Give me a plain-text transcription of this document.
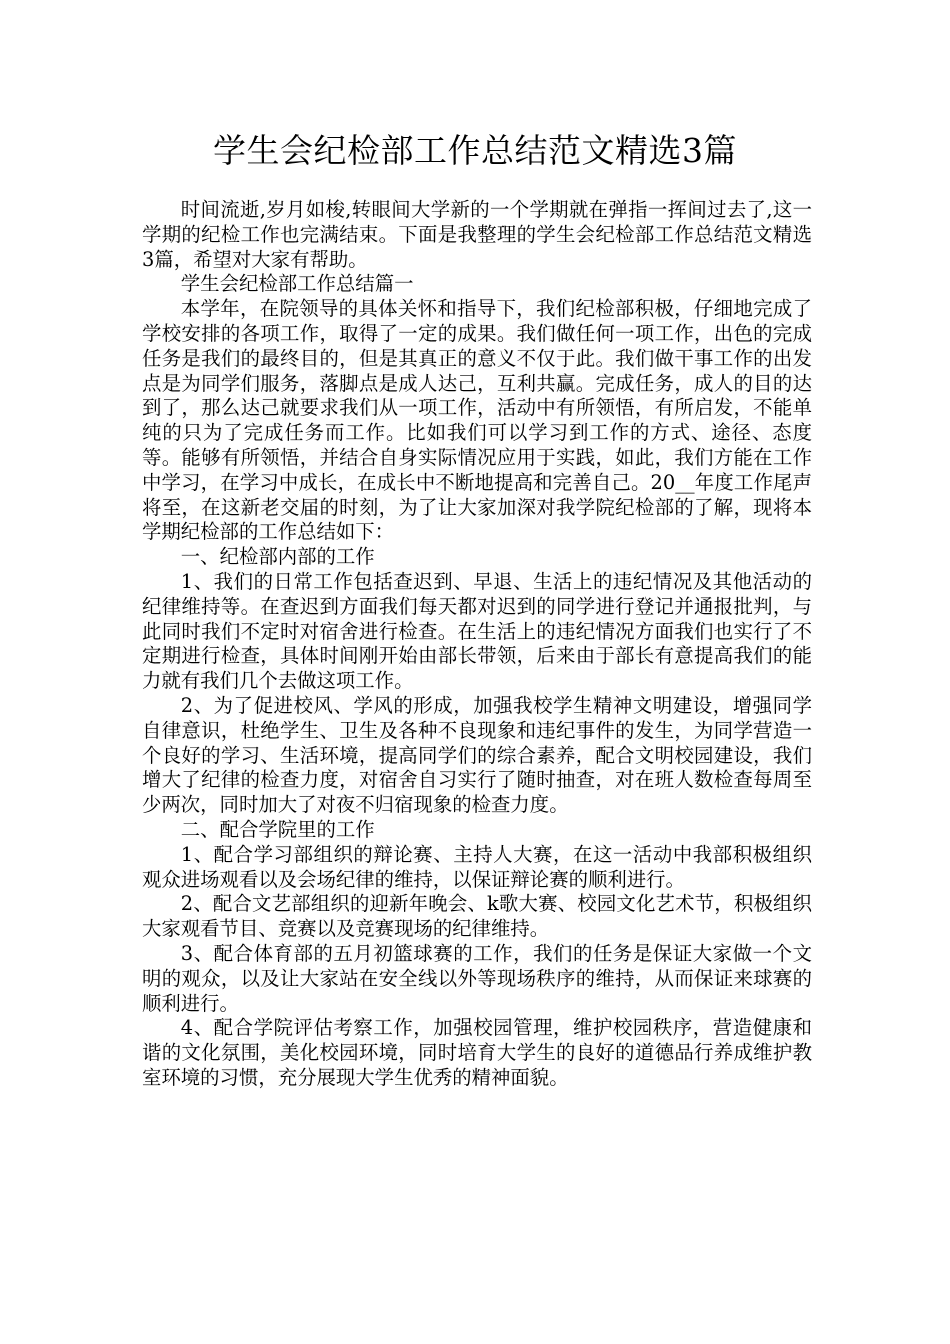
学生会纪检部工作总结范文精选3篇

时间流逝,岁月如梭,转眼间大学新的一个学期就在弹指一挥间过去了,这一学期的纪检工作也完满结束。下面是我整理的学生会纪检部工作总结范文精选3篇，希望对大家有帮助。

学生会纪检部工作总结篇一

本学年，在院领导的具体关怀和指导下，我们纪检部积极，仔细地完成了学校安排的各项工作，取得了一定的成果。我们做任何一项工作，出色的完成任务是我们的最终目的，但是其真正的意义不仅于此。我们做干事工作的出发点是为同学们服务，落脚点是成人达己，互利共赢。完成任务，成人的目的达到了，那么达己就要求我们从一项工作，活动中有所领悟，有所启发，不能单纯的只为了完成任务而工作。比如我们可以学习到工作的方式、途径、态度等。能够有所领悟，并结合自身实际情况应用于实践，如此，我们方能在工作中学习，在学习中成长，在成长中不断地提高和完善自己。20__年度工作尾声将至，在这新老交届的时刻，为了让大家加深对我学院纪检部的了解，现将本学期纪检部的工作总结如下：

一、纪检部内部的工作

1、我们的日常工作包括查迟到、早退、生活上的违纪情况及其他活动的纪律维持等。在查迟到方面我们每天都对迟到的同学进行登记并通报批判，与此同时我们不定时对宿舍进行检查。在生活上的违纪情况方面我们也实行了不定期进行检查，具体时间刚开始由部长带领，后来由于部长有意提高我们的能力就有我们几个去做这项工作。

2、为了促进校风、学风的形成，加强我校学生精神文明建设，增强同学自律意识，杜绝学生、卫生及各种不良现象和违纪事件的发生，为同学营造一个良好的学习、生活环境，提高同学们的综合素养，配合文明校园建设，我们增大了纪律的检查力度，对宿舍自习实行了随时抽查，对在班人数检查每周至少两次，同时加大了对夜不归宿现象的检查力度。

二、配合学院里的工作

1、配合学习部组织的辩论赛、主持人大赛，在这一活动中我部积极组织观众进场观看以及会场纪律的维持，以保证辩论赛的顺利进行。

2、配合文艺部组织的迎新年晚会、k歌大赛、校园文化艺术节，积极组织大家观看节目、竞赛以及竞赛现场的纪律维持。

3、配合体育部的五月初篮球赛的工作，我们的任务是保证大家做一个文明的观众，以及让大家站在安全线以外等现场秩序的维持，从而保证来球赛的顺利进行。

4、配合学院评估考察工作，加强校园管理，维护校园秩序，营造健康和谐的文化氛围，美化校园环境，同时培育大学生的良好的道德品行养成维护教室环境的习惯，充分展现大学生优秀的精神面貌。
